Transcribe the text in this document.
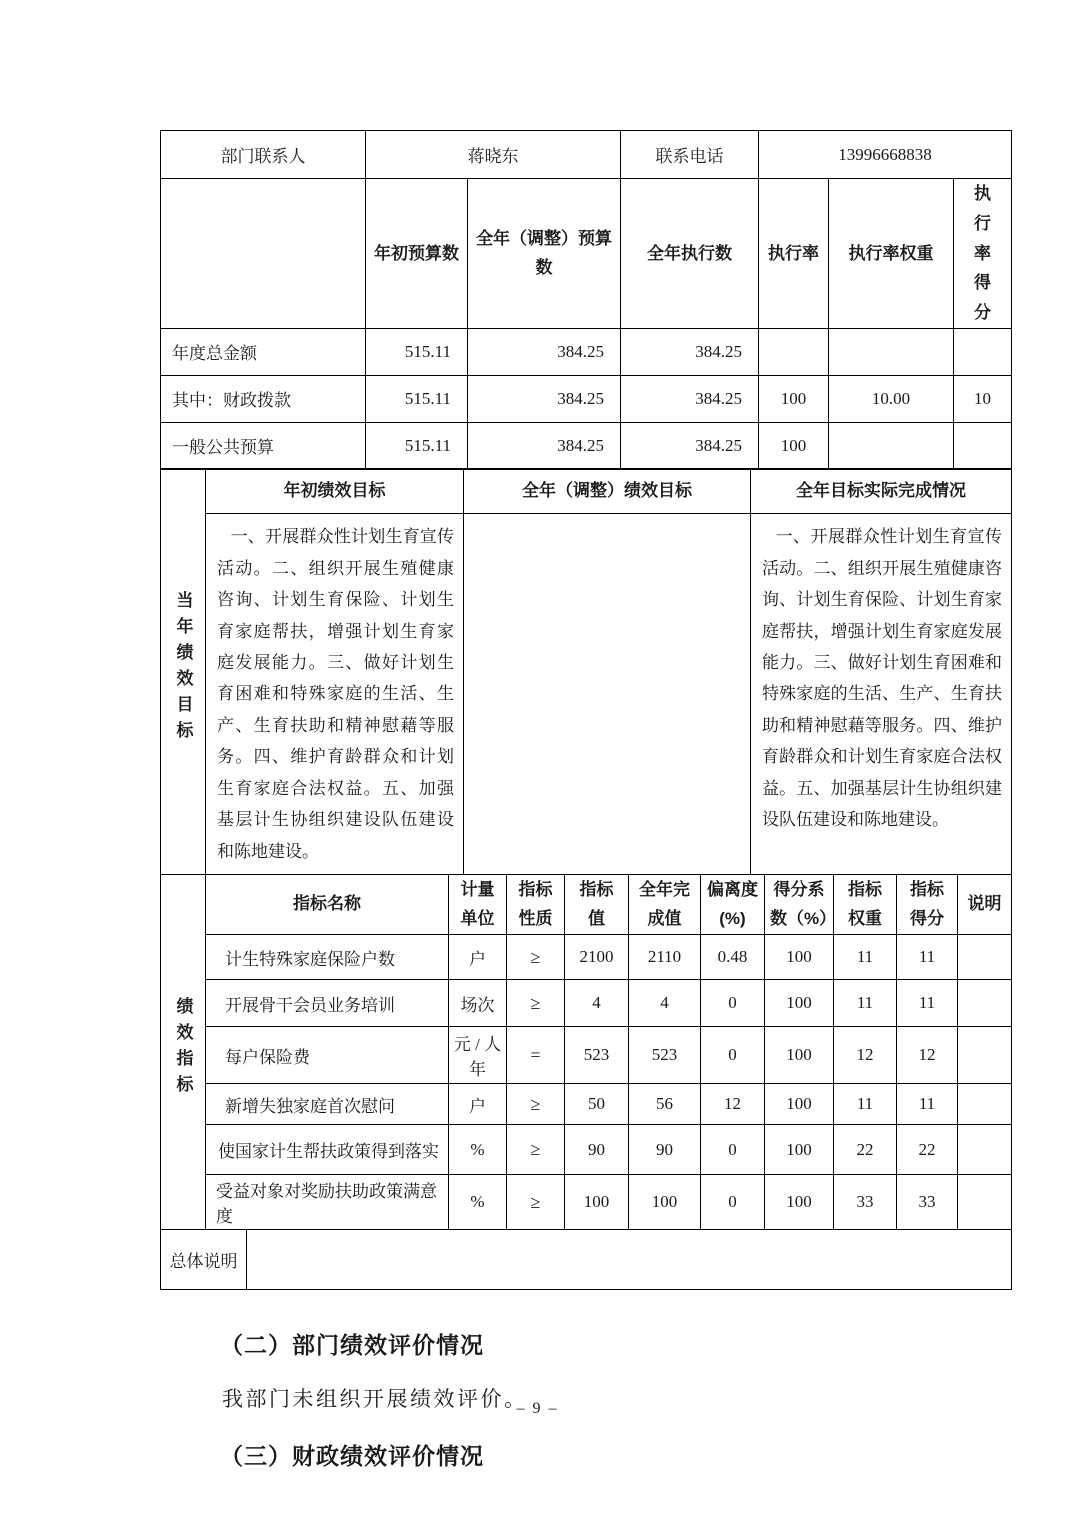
部门联系人	蒋晓东		联系电话	13996668838		
	年初预算数	全年（调整）预算数	全年执行数	执行率	执行率权重	执行率得分
年度总金额	515.11	384.25	384.25			
其中：财政拨款	515.11	384.25	384.25	100	10.00	10
一般公共预算	515.11	384.25	384.25	100		
当年绩效目标	年初绩效目标	全年（调整）绩效目标	全年目标实际完成情况
	一、开展群众性计划生育宣传活动。二、组织开展生殖健康咨询、计划生育保险、计划生育家庭帮扶，增强计划生育家庭发展能力。三、做好计划生育困难和特殊家庭的生活、生产、生育扶助和精神慰藉等服务。四、维护育龄群众和计划生育家庭合法权益。五、加强基层计生协组织建设队伍建设和陈地建设。		一、开展群众性计划生育宣传活动。二、组织开展生殖健康咨询、计划生育保险、计划生育家庭帮扶，增强计划生育家庭发展能力。三、做好计划生育困难和特殊家庭的生活、生产、生育扶助和精神慰藉等服务。四、维护育龄群众和计划生育家庭合法权益。五、加强基层计生协组织建设队伍建设和陈地建设。
绩效指标	指标名称	计量单位	指标性质	指标值	全年完成值	偏离度(%)	得分系数（%）	指标权重	指标得分	说明
	计生特殊家庭保险户数	户	≥	2100	2110	0.48	100	11	11	
	开展骨干会员业务培训	场次	≥	4	4	0	100	11	11	
	每户保险费	元 / 人年	=	523	523	0	100	12	12	
	新增失独家庭首次慰问	户	≥	50	56	12	100	11	11	
	使国家计生帮扶政策得到落实	%	≥	90	90	0	100	22	22	
	受益对象对奖励扶助政策满意度	%	≥	100	100	0	100	33	33	
总体说明	
（二）部门绩效评价情况
我部门未组织开展绩效评价。
（三）财政绩效评价情况
– 9 –
